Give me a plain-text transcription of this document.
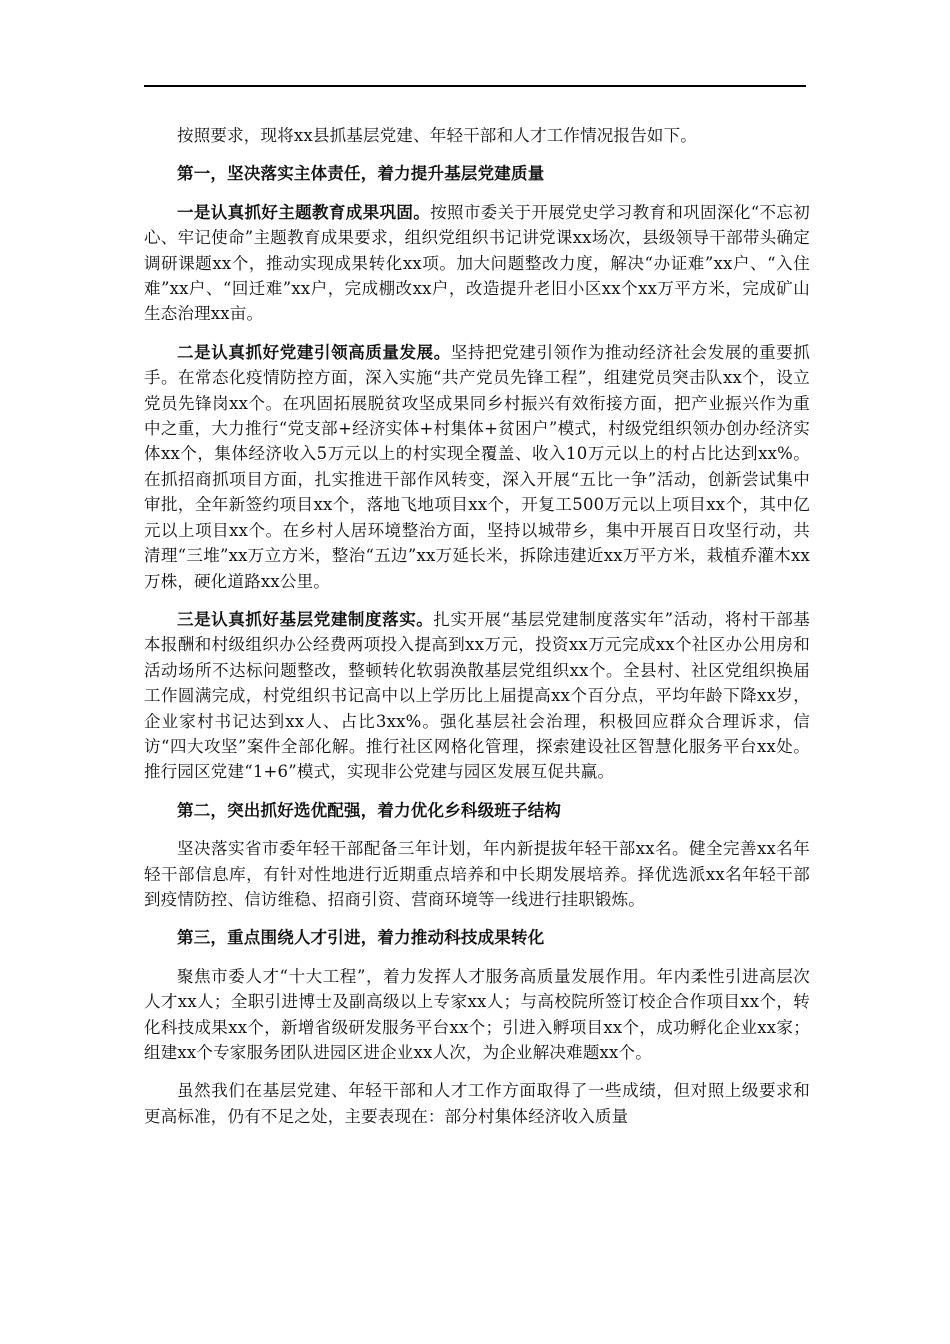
按照要求，现将xx县抓基层党建、年轻干部和人才工作情况报告如下。

第一，坚决落实主体责任，着力提升基层党建质量

一是认真抓好主题教育成果巩固。按照市委关于开展党史学习教育和巩固深化“不忘初心、牢记使命”主题教育成果要求，组织党组织书记讲党课xx场次，县级领导干部带头确定调研课题xx个，推动实现成果转化xx项。加大问题整改力度，解决“办证难”xx户、“入住难”xx户、“回迁难”xx户，完成棚改xx户，改造提升老旧小区xx个xx万平方米，完成矿山生态治理xx亩。

二是认真抓好党建引领高质量发展。坚持把党建引领作为推动经济社会发展的重要抓手。在常态化疫情防控方面，深入实施“共产党员先锋工程”，组建党员突击队xx个，设立党员先锋岗xx个。在巩固拓展脱贫攻坚成果同乡村振兴有效衔接方面，把产业振兴作为重中之重，大力推行“党支部+经济实体+村集体+贫困户”模式，村级党组织领办创办经济实体xx个，集体经济收入5万元以上的村实现全覆盖、收入10万元以上的村占比达到xx%。在抓招商抓项目方面，扎实推进干部作风转变，深入开展“五比一争”活动，创新尝试集中审批，全年新签约项目xx个，落地飞地项目xx个，开复工500万元以上项目xx个，其中亿元以上项目xx个。在乡村人居环境整治方面，坚持以城带乡，集中开展百日攻坚行动，共清理“三堆”xx万立方米，整治“五边”xx万延长米，拆除违建近xx万平方米，栽植乔灌木xx万株，硬化道路xx公里。

三是认真抓好基层党建制度落实。扎实开展“基层党建制度落实年”活动，将村干部基本报酬和村级组织办公经费两项投入提高到xx万元，投资xx万元完成xx个社区办公用房和活动场所不达标问题整改，整顿转化软弱涣散基层党组织xx个。全县村、社区党组织换届工作圆满完成，村党组织书记高中以上学历比上届提高xx个百分点，平均年龄下降xx岁，企业家村书记达到xx人、占比3xx%。强化基层社会治理，积极回应群众合理诉求，信访“四大攻坚”案件全部化解。推行社区网格化管理，探索建设社区智慧化服务平台xx处。推行园区党建“1+6”模式，实现非公党建与园区发展互促共赢。

第二，突出抓好选优配强，着力优化乡科级班子结构

坚决落实省市委年轻干部配备三年计划，年内新提拔年轻干部xx名。健全完善xx名年轻干部信息库，有针对性地进行近期重点培养和中长期发展培养。择优选派xx名年轻干部到疫情防控、信访维稳、招商引资、营商环境等一线进行挂职锻炼。

第三，重点围绕人才引进，着力推动科技成果转化

聚焦市委人才“十大工程”，着力发挥人才服务高质量发展作用。年内柔性引进高层次人才xx人；全职引进博士及副高级以上专家xx人；与高校院所签订校企合作项目xx个，转化科技成果xx个，新增省级研发服务平台xx个；引进入孵项目xx个，成功孵化企业xx家；组建xx个专家服务团队进园区进企业xx人次，为企业解决难题xx个。

虽然我们在基层党建、年轻干部和人才工作方面取得了一些成绩，但对照上级要求和更高标准，仍有不足之处，主要表现在：部分村集体经济收入质量
